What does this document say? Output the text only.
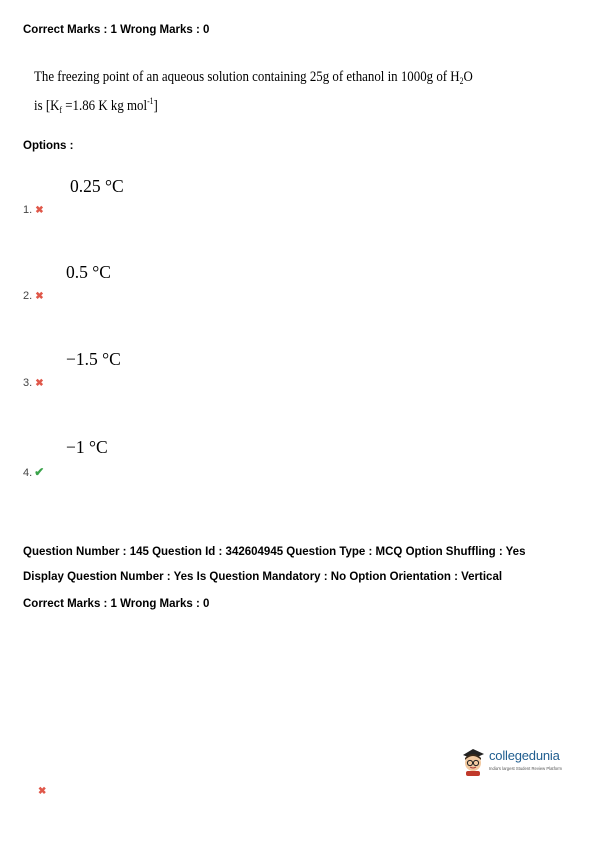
Correct Marks : 1 Wrong Marks : 0
The freezing point of an aqueous solution containing 25g of ethanol in 1000g of $H_2O$
is [$K_f =1.86$ K kg mol$^{-1}$]
Options :
0.25 °C
1. ✖
0.5 °C
2. ✖
−1.5 °C
3. ✖
−1 °C
4. ✔
Question Number : 145 Question Id : 342604945 Question Type : MCQ Option Shuffling : Yes
Display Question Number : Yes Is Question Mandatory : No Option Orientation : Vertical
Correct Marks : 1 Wrong Marks : 0
collegedunia
India's largest Student Review Platform
✖
